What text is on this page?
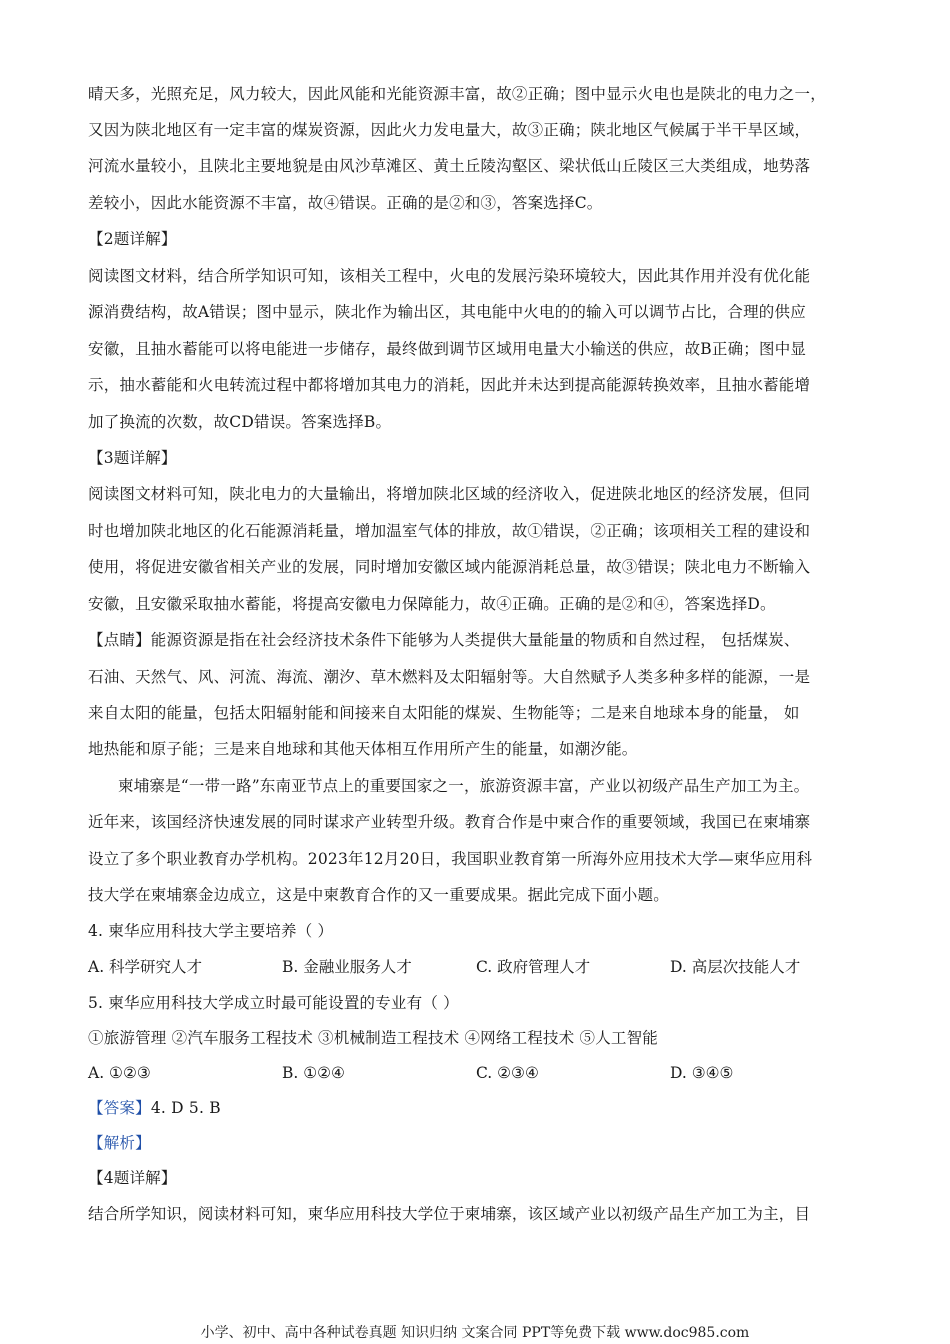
晴天多，光照充足，风力较大，因此风能和光能资源丰富，故②正确；图中显示火电也是陕北的电力之一，
又因为陕北地区有一定丰富的煤炭资源，因此火力发电量大，故③正确；陕北地区气候属于半干旱区域，
河流水量较小，且陕北主要地貌是由风沙草滩区、黄土丘陵沟壑区、梁状低山丘陵区三大类组成，地势落
差较小，因此水能资源不丰富，故④错误。正确的是②和③，答案选择C。
【2题详解】
阅读图文材料，结合所学知识可知，该相关工程中，火电的发展污染环境较大，因此其作用并没有优化能
源消费结构，故A错误；图中显示，陕北作为输出区，其电能中火电的的输入可以调节占比，合理的供应
安徽，且抽水蓄能可以将电能进一步储存，最终做到调节区域用电量大小输送的供应，故B正确；图中显
示，抽水蓄能和火电转流过程中都将增加其电力的消耗，因此并未达到提高能源转换效率，且抽水蓄能增
加了换流的次数，故CD错误。答案选择B。
【3题详解】
阅读图文材料可知，陕北电力的大量输出，将增加陕北区域的经济收入，促进陕北地区的经济发展，但同
时也增加陕北地区的化石能源消耗量，增加温室气体的排放，故①错误，②正确；该项相关工程的建设和
使用，将促进安徽省相关产业的发展，同时增加安徽区域内能源消耗总量，故③错误；陕北电力不断输入
安徽，且安徽采取抽水蓄能，将提高安徽电力保障能力，故④正确。正确的是②和④，答案选择D。
【点睛】能源资源是指在社会经济技术条件下能够为人类提供大量能量的物质和自然过程， 包括煤炭、
石油、天然气、风、河流、海流、潮汐、草木燃料及太阳辐射等。大自然赋予人类多种多样的能源，一是
来自太阳的能量，包括太阳辐射能和间接来自太阳能的煤炭、生物能等；二是来自地球本身的能量， 如
地热能和原子能；三是来自地球和其他天体相互作用所产生的能量，如潮汐能。
柬埔寨是“一带一路”东南亚节点上的重要国家之一，旅游资源丰富，产业以初级产品生产加工为主。
近年来，该国经济快速发展的同时谋求产业转型升级。教育合作是中柬合作的重要领域，我国已在柬埔寨
设立了多个职业教育办学机构。2023年12月20日，我国职业教育第一所海外应用技术大学—柬华应用科
技大学在柬埔寨金边成立，这是中柬教育合作的又一重要成果。据此完成下面小题。
4. 柬华应用科技大学主要培养（ ）
A. 科学研究人才	B. 金融业服务人才	C. 政府管理人才	D. 高层次技能人才
5. 柬华应用科技大学成立时最可能设置的专业有（ ）
①旅游管理 ②汽车服务工程技术 ③机械制造工程技术 ④网络工程技术 ⑤人工智能
A. ①②③	B. ①②④	C. ②③④	D. ③④⑤
【答案】4. D 5. B
【解析】
【4题详解】
结合所学知识，阅读材料可知，柬华应用科技大学位于柬埔寨，该区域产业以初级产品生产加工为主，目
小学、初中、高中各种试卷真题 知识归纳 文案合同 PPT等免费下载 www.doc985.com
